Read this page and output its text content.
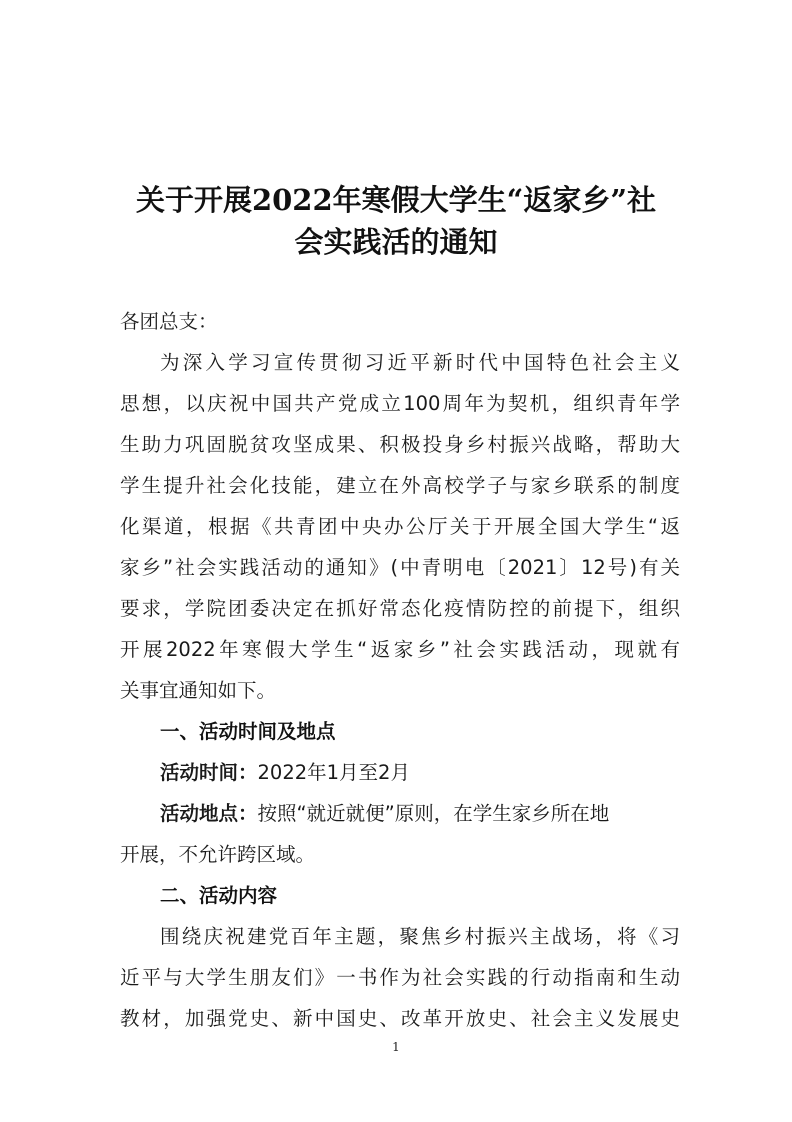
关于开展2022年寒假大学生“返家乡”社
会实践活的通知
各团总支：
为深入学习宣传贯彻习近平新时代中国特色社会主义
思想，以庆祝中国共产党成立100周年为契机，组织青年学
生助力巩固脱贫攻坚成果、积极投身乡村振兴战略，帮助大
学生提升社会化技能，建立在外高校学子与家乡联系的制度
化渠道，根据《共青团中央办公厅关于开展全国大学生“返
家乡”社会实践活动的通知》(中青明电〔2021〕12号)有关
要求，学院团委决定在抓好常态化疫情防控的前提下，组织
开展2022年寒假大学生“返家乡”社会实践活动，现就有
关事宜通知如下。
一、活动时间及地点
活动时间：2022年1月至2月
活动地点：按照“就近就便”原则，在学生家乡所在地
开展，不允许跨区域。
二、活动内容
围绕庆祝建党百年主题，聚焦乡村振兴主战场，将《习
近平与大学生朋友们》一书作为社会实践的行动指南和生动
教材，加强党史、新中国史、改革开放史、社会主义发展史
1
